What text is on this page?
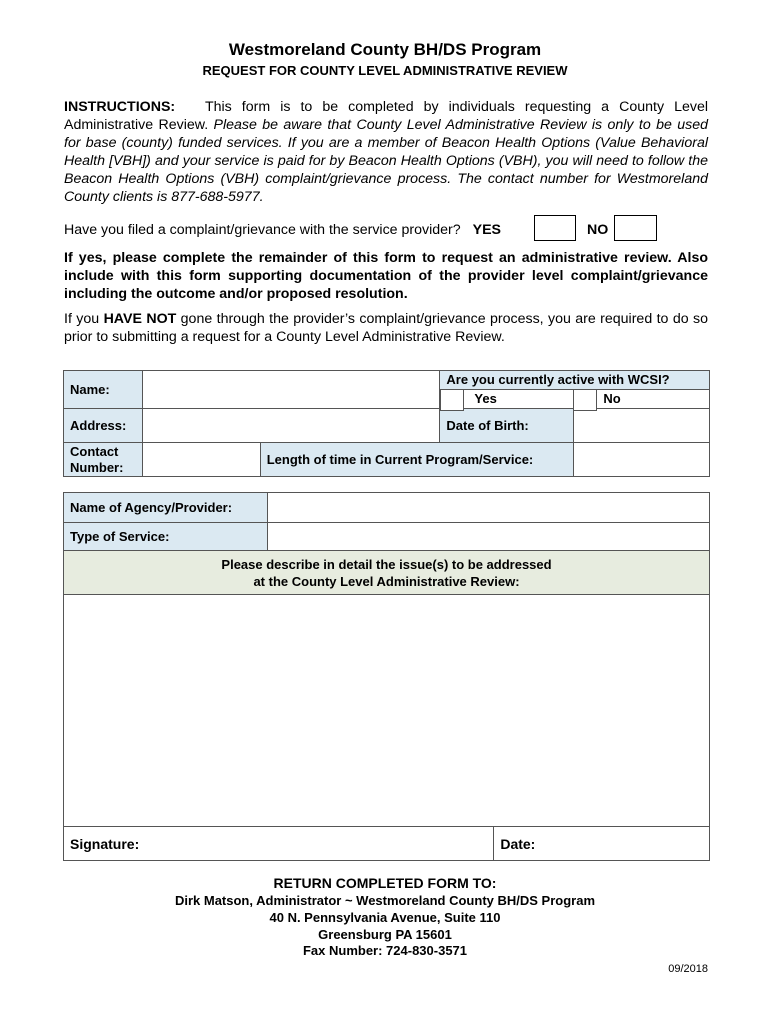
Westmoreland County BH/DS Program
REQUEST FOR COUNTY LEVEL ADMINISTRATIVE REVIEW
INSTRUCTIONS: This form is to be completed by individuals requesting a County Level Administrative Review. Please be aware that County Level Administrative Review is only to be used for base (county) funded services. If you are a member of Beacon Health Options (Value Behavioral Health [VBH]) and your service is paid for by Beacon Health Options (VBH), you will need to follow the Beacon Health Options (VBH) complaint/grievance process. The contact number for Westmoreland County clients is 877-688-5977.
Have you filed a complaint/grievance with the service provider? YES	NO
If yes, please complete the remainder of this form to request an administrative review. Also include with this form supporting documentation of the provider level complaint/grievance including the outcome and/or proposed resolution.
If you HAVE NOT gone through the provider’s complaint/grievance process, you are required to do so prior to submitting a request for a County Level Administrative Review.
Name:			Are you currently active with WCSI?
Yes No	

Address:			Date of Birth:	
Contact Number:		Length of time in Current Program/Service:		
Name of Agency/Provider:		
Type of Service:		

Please describe in detail the issue(s) to be addressed
at the County Level Administrative Review:		

Signature:		Date:
RETURN COMPLETED FORM TO:
Dirk Matson, Administrator ~ Westmoreland County BH/DS Program
40 N. Pennsylvania Avenue, Suite 110
Greensburg PA 15601
Fax Number: 724-830-3571
09/2018
